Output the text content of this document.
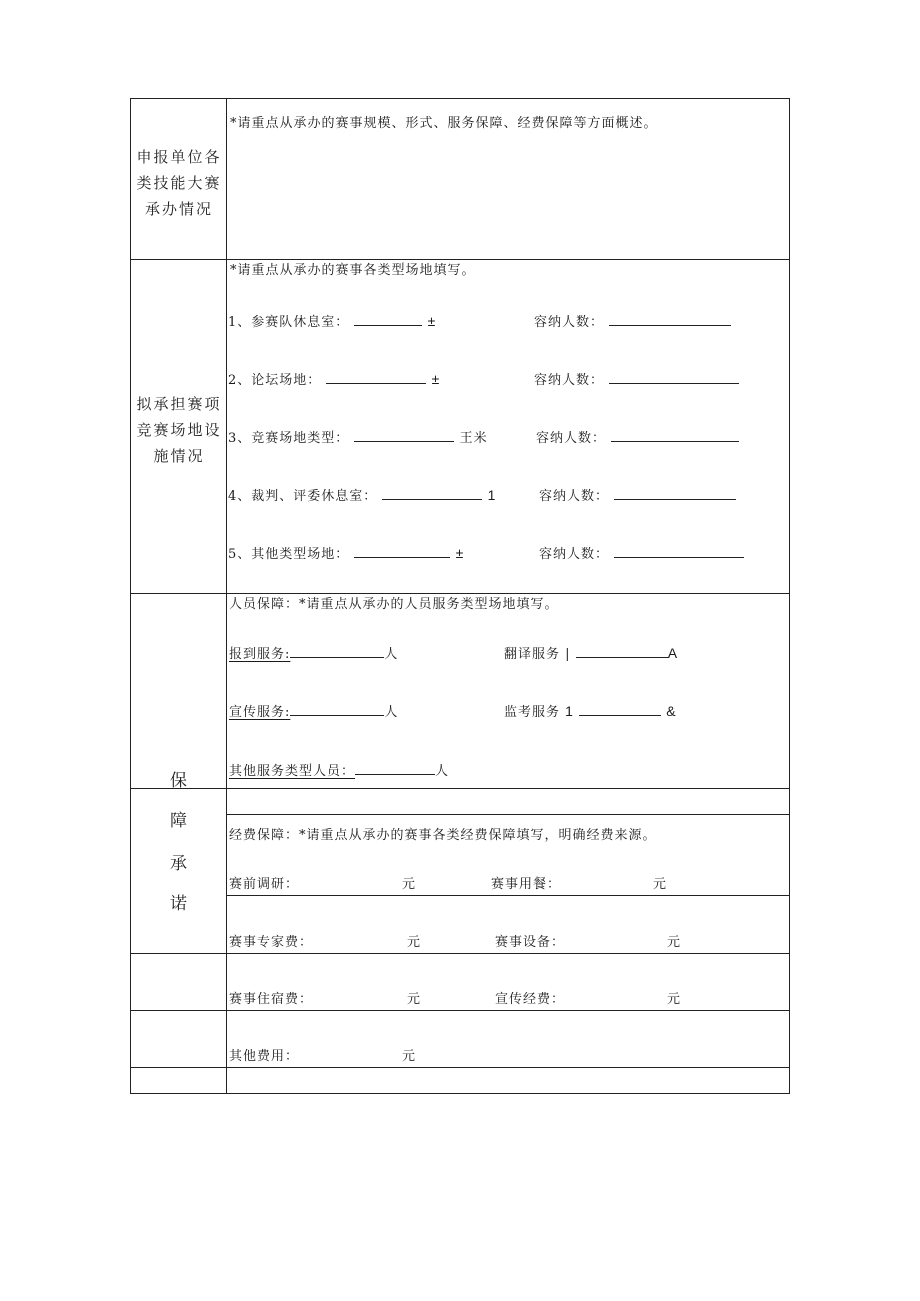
申报单位各
类技能大赛
承办情况
*请重点从承办的赛事规模、形式、服务保障、经费保障等方面概述。
拟承担赛项
竞赛场地设
施情况
*请重点从承办的赛事各类型场地填写。
1、参赛队休息室：	±	容纳人数：
2、论坛场地：	±	容纳人数：
3、竞赛场地类型：	王米	容纳人数：
4、裁判、评委休息室：	1	容纳人数：
5、其他类型场地：	±	容纳人数：
保
障
承
诺
人员保障：*请重点从承办的人员服务类型场地填写。
报到服务:	人	翻译服务 |	A
宣传服务:	人	监考服务 1	&
其他服务类型人员：	人
经费保障：*请重点从承办的赛事各类经费保障填写，明确经费来源。
赛前调研：	元	赛事用餐：	元
赛事专家费：	元	赛事设备：	元
赛事住宿费：	元	宣传经费：	元
其他费用：	元
